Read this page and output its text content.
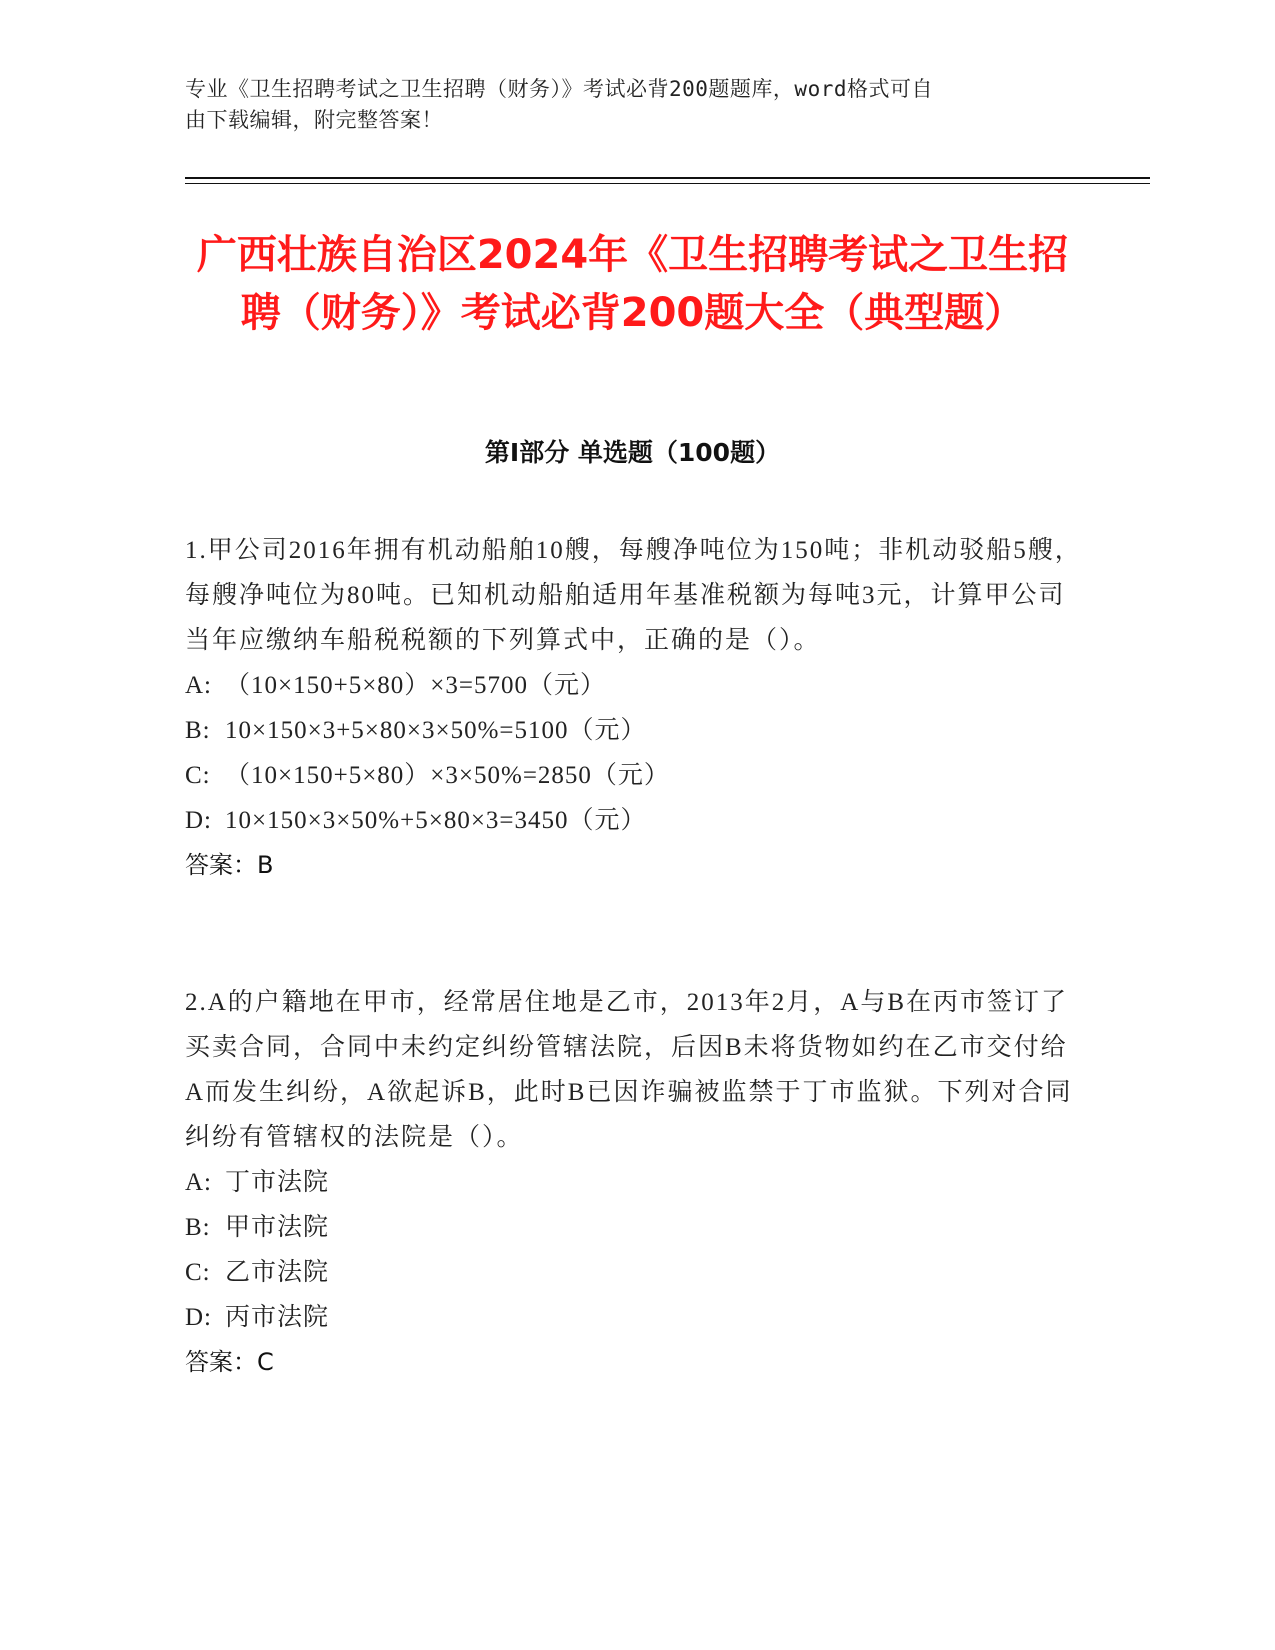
专业《卫生招聘考试之卫生招聘（财务）》考试必背200题题库，word格式可自
由下载编辑，附完整答案！
广西壮族自治区2024年《卫生招聘考试之卫生招聘（财务）》考试必背200题大全（典型题）
第Ⅰ部分 单选题（100题）

1.甲公司2016年拥有机动船舶10艘，每艘净吨位为150吨；非机动驳船5艘，每艘净吨位为80吨。已知机动船舶适用年基准税额为每吨3元，计算甲公司当年应缴纳车船税税额的下列算式中，正确的是（）。

A: （10×150+5×80）×3=5700（元）

B: 10×150×3+5×80×3×50%=5100（元）

C: （10×150+5×80）×3×50%=2850（元）

D: 10×150×3×50%+5×80×3=3450（元）

答案：B

2.A的户籍地在甲市，经常居住地是乙市，2013年2月，A与B在丙市签订了买卖合同，合同中未约定纠纷管辖法院，后因B未将货物如约在乙市交付给A而发生纠纷，A欲起诉B，此时B已因诈骗被监禁于丁市监狱。下列对合同纠纷有管辖权的法院是（）。

A: 丁市法院

B: 甲市法院

C: 乙市法院

D: 丙市法院

答案：C
